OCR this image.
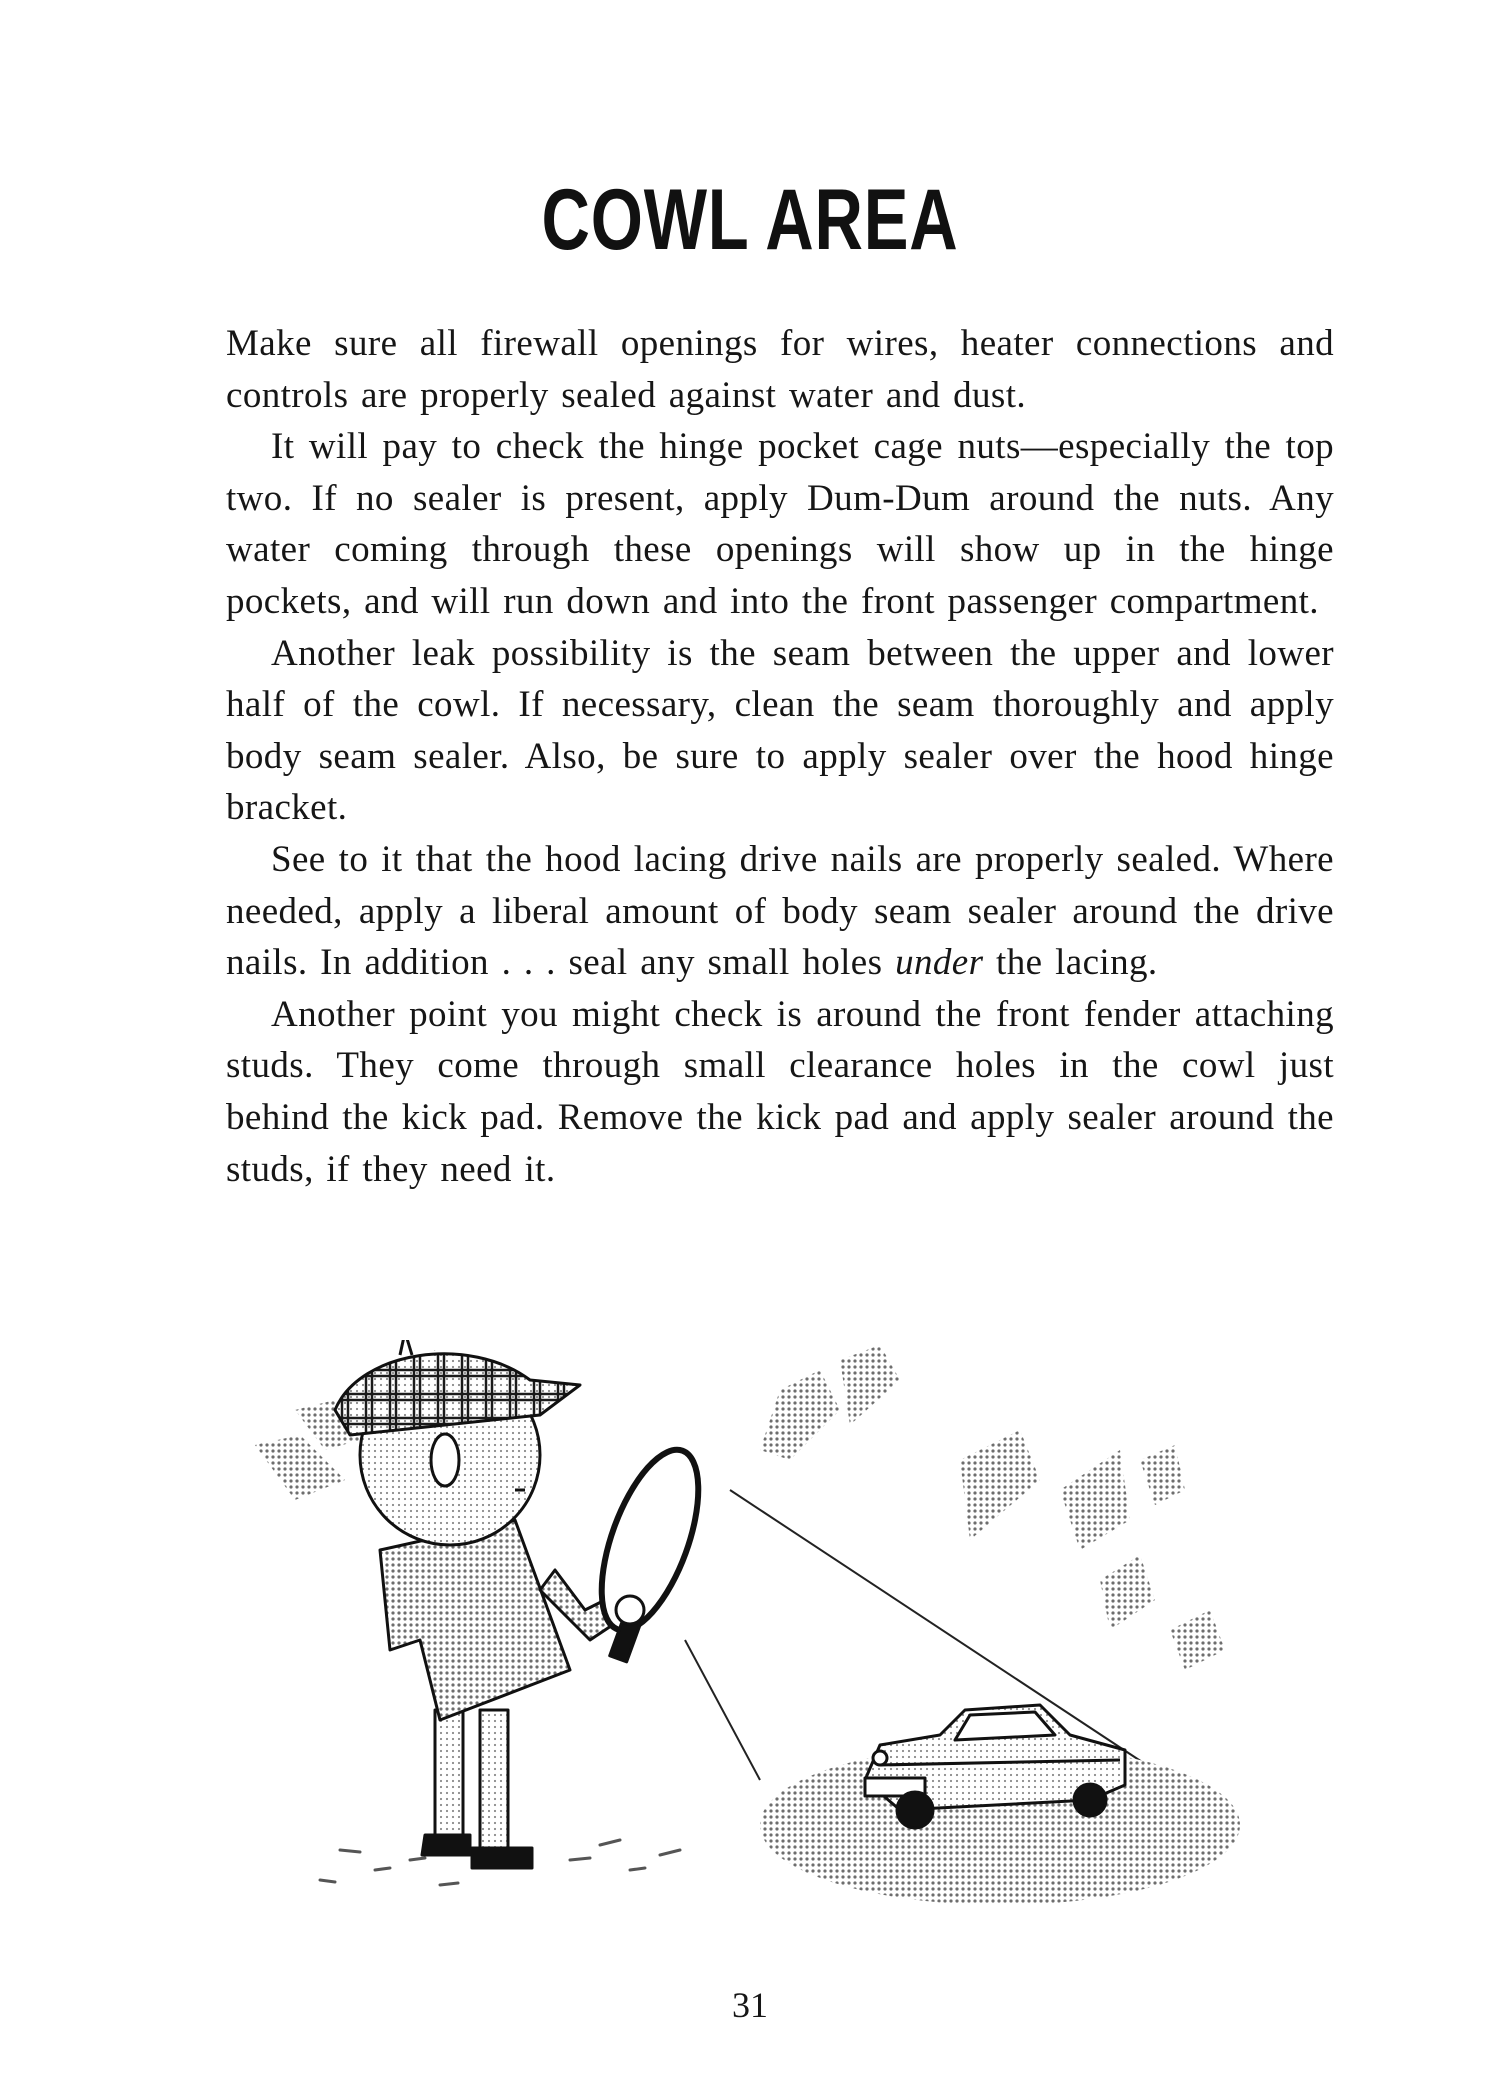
COWL AREA

Make sure all firewall openings for wires, heater connections and controls are properly sealed against water and dust.

It will pay to check the hinge pocket cage nuts—especially the top two. If no sealer is present, apply Dum-Dum around the nuts. Any water coming through these openings will show up in the hinge pockets, and will run down and into the front passenger compartment.

Another leak possibility is the seam between the upper and lower half of the cowl. If necessary, clean the seam thoroughly and apply body seam sealer. Also, be sure to apply sealer over the hood hinge bracket.

See to it that the hood lacing drive nails are properly sealed. Where needed, apply a liberal amount of body seam sealer around the drive nails. In addition . . . seal any small holes under the lacing.

Another point you might check is around the front fender attaching studs. They come through small clearance holes in the cowl just behind the kick pad. Remove the kick pad and apply sealer around the studs, if they need it.

31
